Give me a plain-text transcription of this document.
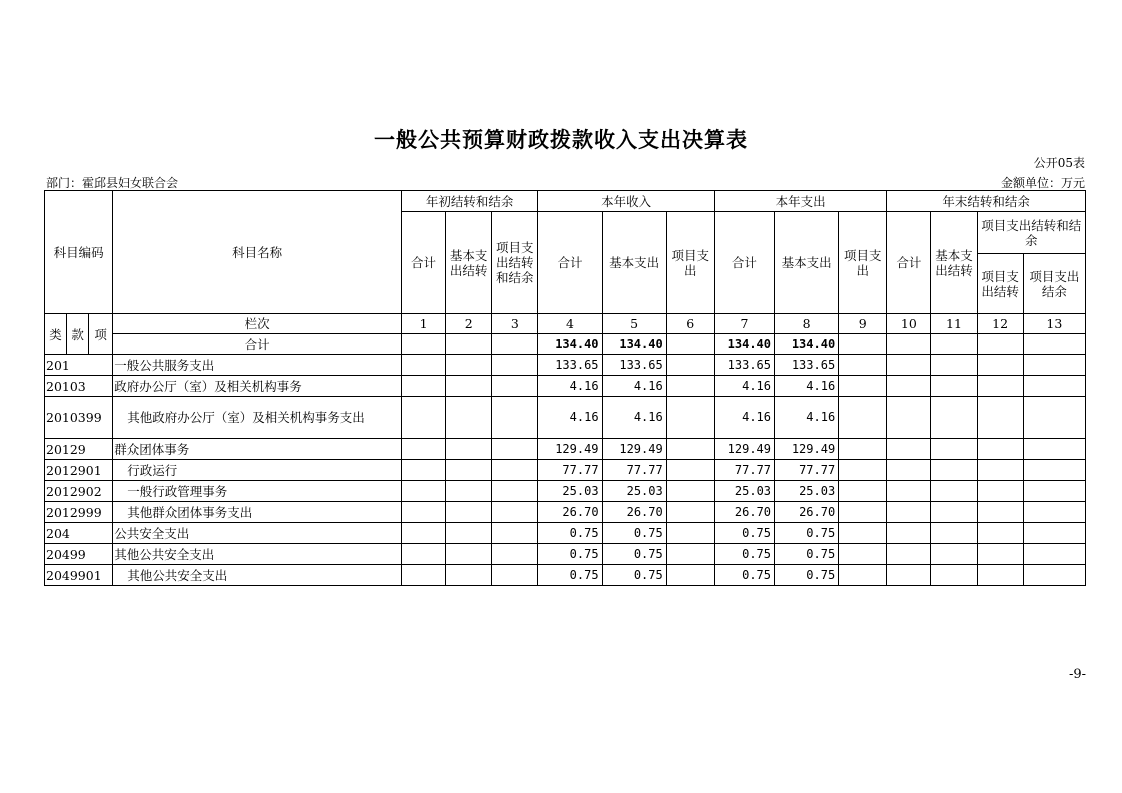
一般公共预算财政拨款收入支出决算表
公开05表
部门：霍邱县妇女联合会	金额单位：万元
科目编码			科目名称	年初结转和结余			本年收入			本年支出			年末结转和结余			
				合计	基本支出结转	项目支出结转和结余	合计	基本支出	项目支出	合计	基本支出	项目支出	合计	基本支出结转	项目支出结转和结余	
															项目支出结转	项目支出结余
类	款	项	栏次	1	2	3	4	5	6	7	8	9	10	11	12	13
			合计				134.40	134.40		134.40	134.40					
201			一般公共服务支出				133.65	133.65		133.65	133.65					
20103			政府办公厅（室）及相关机构事务				4.16	4.16		4.16	4.16					
2010399			其他政府办公厅（室）及相关机构事务支出				4.16	4.16		4.16	4.16					
20129			群众团体事务				129.49	129.49		129.49	129.49					
2012901			行政运行				77.77	77.77		77.77	77.77					
2012902			一般行政管理事务				25.03	25.03		25.03	25.03					
2012999			其他群众团体事务支出				26.70	26.70		26.70	26.70					
204			公共安全支出				0.75	0.75		0.75	0.75					
20499			其他公共安全支出				0.75	0.75		0.75	0.75					
2049901			其他公共安全支出				0.75	0.75		0.75	0.75					
-9-
